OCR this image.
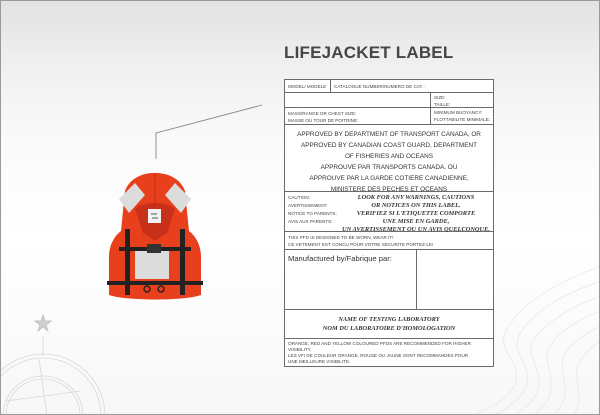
LIFEJACKET LABEL
MODEL/ MODELE	CATALOGUE NUMBER/NUMERO DE CAT. :
SIZE:
TAILLE:
MASS/RANGE OR CHEST SIZE:
MASSE OU TOUR DE POITRINE:
MINIMUM BUOYANCY:
FLOTTABILITE MINIMALE:
APPROVED BY DEPARTMENT OF TRANSPORT CANADA, OR
APPROVED BY CANADIAN COAST GUARD, DEPARTMENT
OF FISHERIES AND OCEANS
APPROUVE PAR TRANSPORTS CANADA, OU
APPROUVE PAR LA GARDE COTIERE CANADIENNE,
MINISTERE DES PECHES ET OCEANS
CAUTION:
AVERTISSEMENT:
NOTICE TO PARENTS:
AVIS AUX PARENTS:
LOOK FOR ANY WARNINGS, CAUTIONS
OR NOTICES ON THIS LABEL.
VERIFIEZ SI L'ETIQUETTE COMPORTE
UNE MISE EN GARDE,
UN AVERTISSEMENT OU UN AVIS QUELCONQUE.
THIS PFD IS DESIGNED TO BE WORN, WEAR IT!
CE VETEMENT EST CONCU POUR VOTRE SECURITE PORTEZ-LE!
Manufactured by/Fabrique par:
NAME OF TESTING LABORATORY
NOM DU LABORATOIRE D'HOMOLOGATION
ORANGE, RED AND YELLOW COLOURED PFDS ARE RECOMMENDED FOR HIGHER
VISIBILITY.
LES VFI DE COULEUR ORANGE, ROUGE OU JAUNE SONT RECOMMANDES POUR
UNE MEILLEURE VISIBILITE.
